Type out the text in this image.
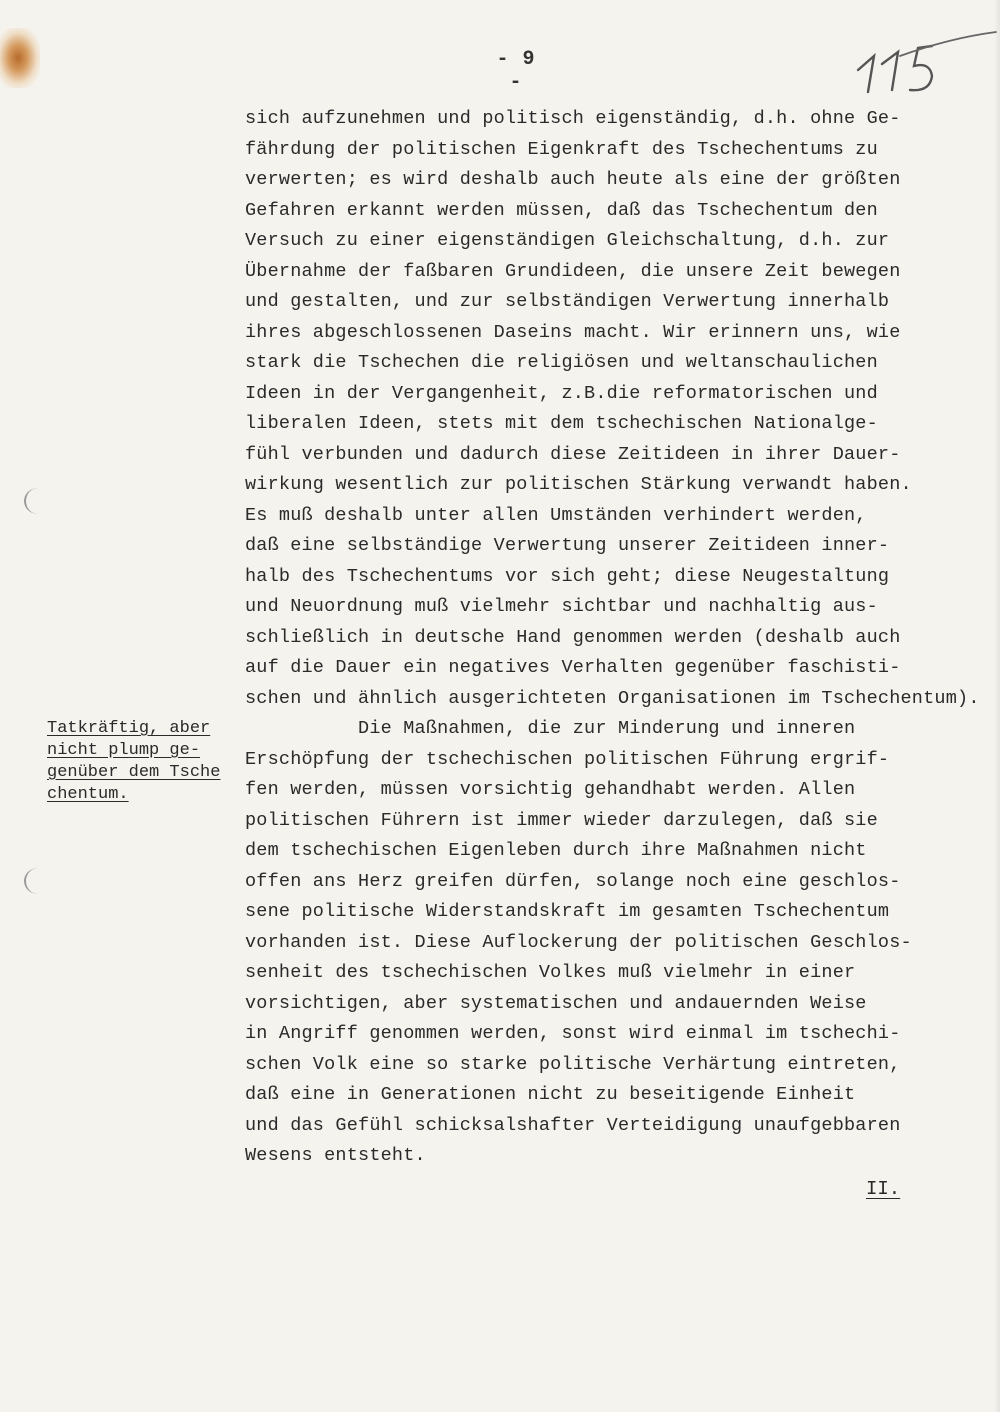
- 9 -
sich aufzunehmen und politisch eigenständig, d.h. ohne Ge-
fährdung der politischen Eigenkraft des Tschechentums zu
verwerten; es wird deshalb auch heute als eine der größten
Gefahren erkannt werden müssen, daß das Tschechentum den
Versuch zu einer eigenständigen Gleichschaltung, d.h. zur
Übernahme der faßbaren Grundideen, die unsere Zeit bewegen
und gestalten, und zur selbständigen Verwertung innerhalb
ihres abgeschlossenen Daseins macht. Wir erinnern uns, wie
stark die Tschechen die religiösen und weltanschaulichen
Ideen in der Vergangenheit, z.B.die reformatorischen und
liberalen Ideen, stets mit dem tschechischen Nationalge-
fühl verbunden und dadurch diese Zeitideen in ihrer Dauer-
wirkung wesentlich zur politischen Stärkung verwandt haben.
Es muß deshalb unter allen Umständen verhindert werden,
daß eine selbständige Verwertung unserer Zeitideen inner-
halb des Tschechentums vor sich geht; diese Neugestaltung
und Neuordnung muß vielmehr sichtbar und nachhaltig aus-
schließlich in deutsche Hand genommen werden (deshalb auch
auf die Dauer ein negatives Verhalten gegenüber faschisti-
schen und ähnlich ausgerichteten Organisationen im Tschechentum).
Die Maßnahmen, die zur Minderung und inneren
Erschöpfung der tschechischen politischen Führung ergrif-
fen werden, müssen vorsichtig gehandhabt werden. Allen
politischen Führern ist immer wieder darzulegen, daß sie
dem tschechischen Eigenleben durch ihre Maßnahmen nicht
offen ans Herz greifen dürfen, solange noch eine geschlos-
sene politische Widerstandskraft im gesamten Tschechentum
vorhanden ist. Diese Auflockerung der politischen Geschlos-
senheit des tschechischen Volkes muß vielmehr in einer
vorsichtigen, aber systematischen und andauernden Weise
in Angriff genommen werden, sonst wird einmal im tschechi-
schen Volk eine so starke politische Verhärtung eintreten,
daß eine in Generationen nicht zu beseitigende Einheit
und das Gefühl schicksalshafter Verteidigung unaufgebbaren
Wesens entsteht.
Tatkräftig, aber
nicht plump ge-
genüber dem Tsche
chentum.
II.
